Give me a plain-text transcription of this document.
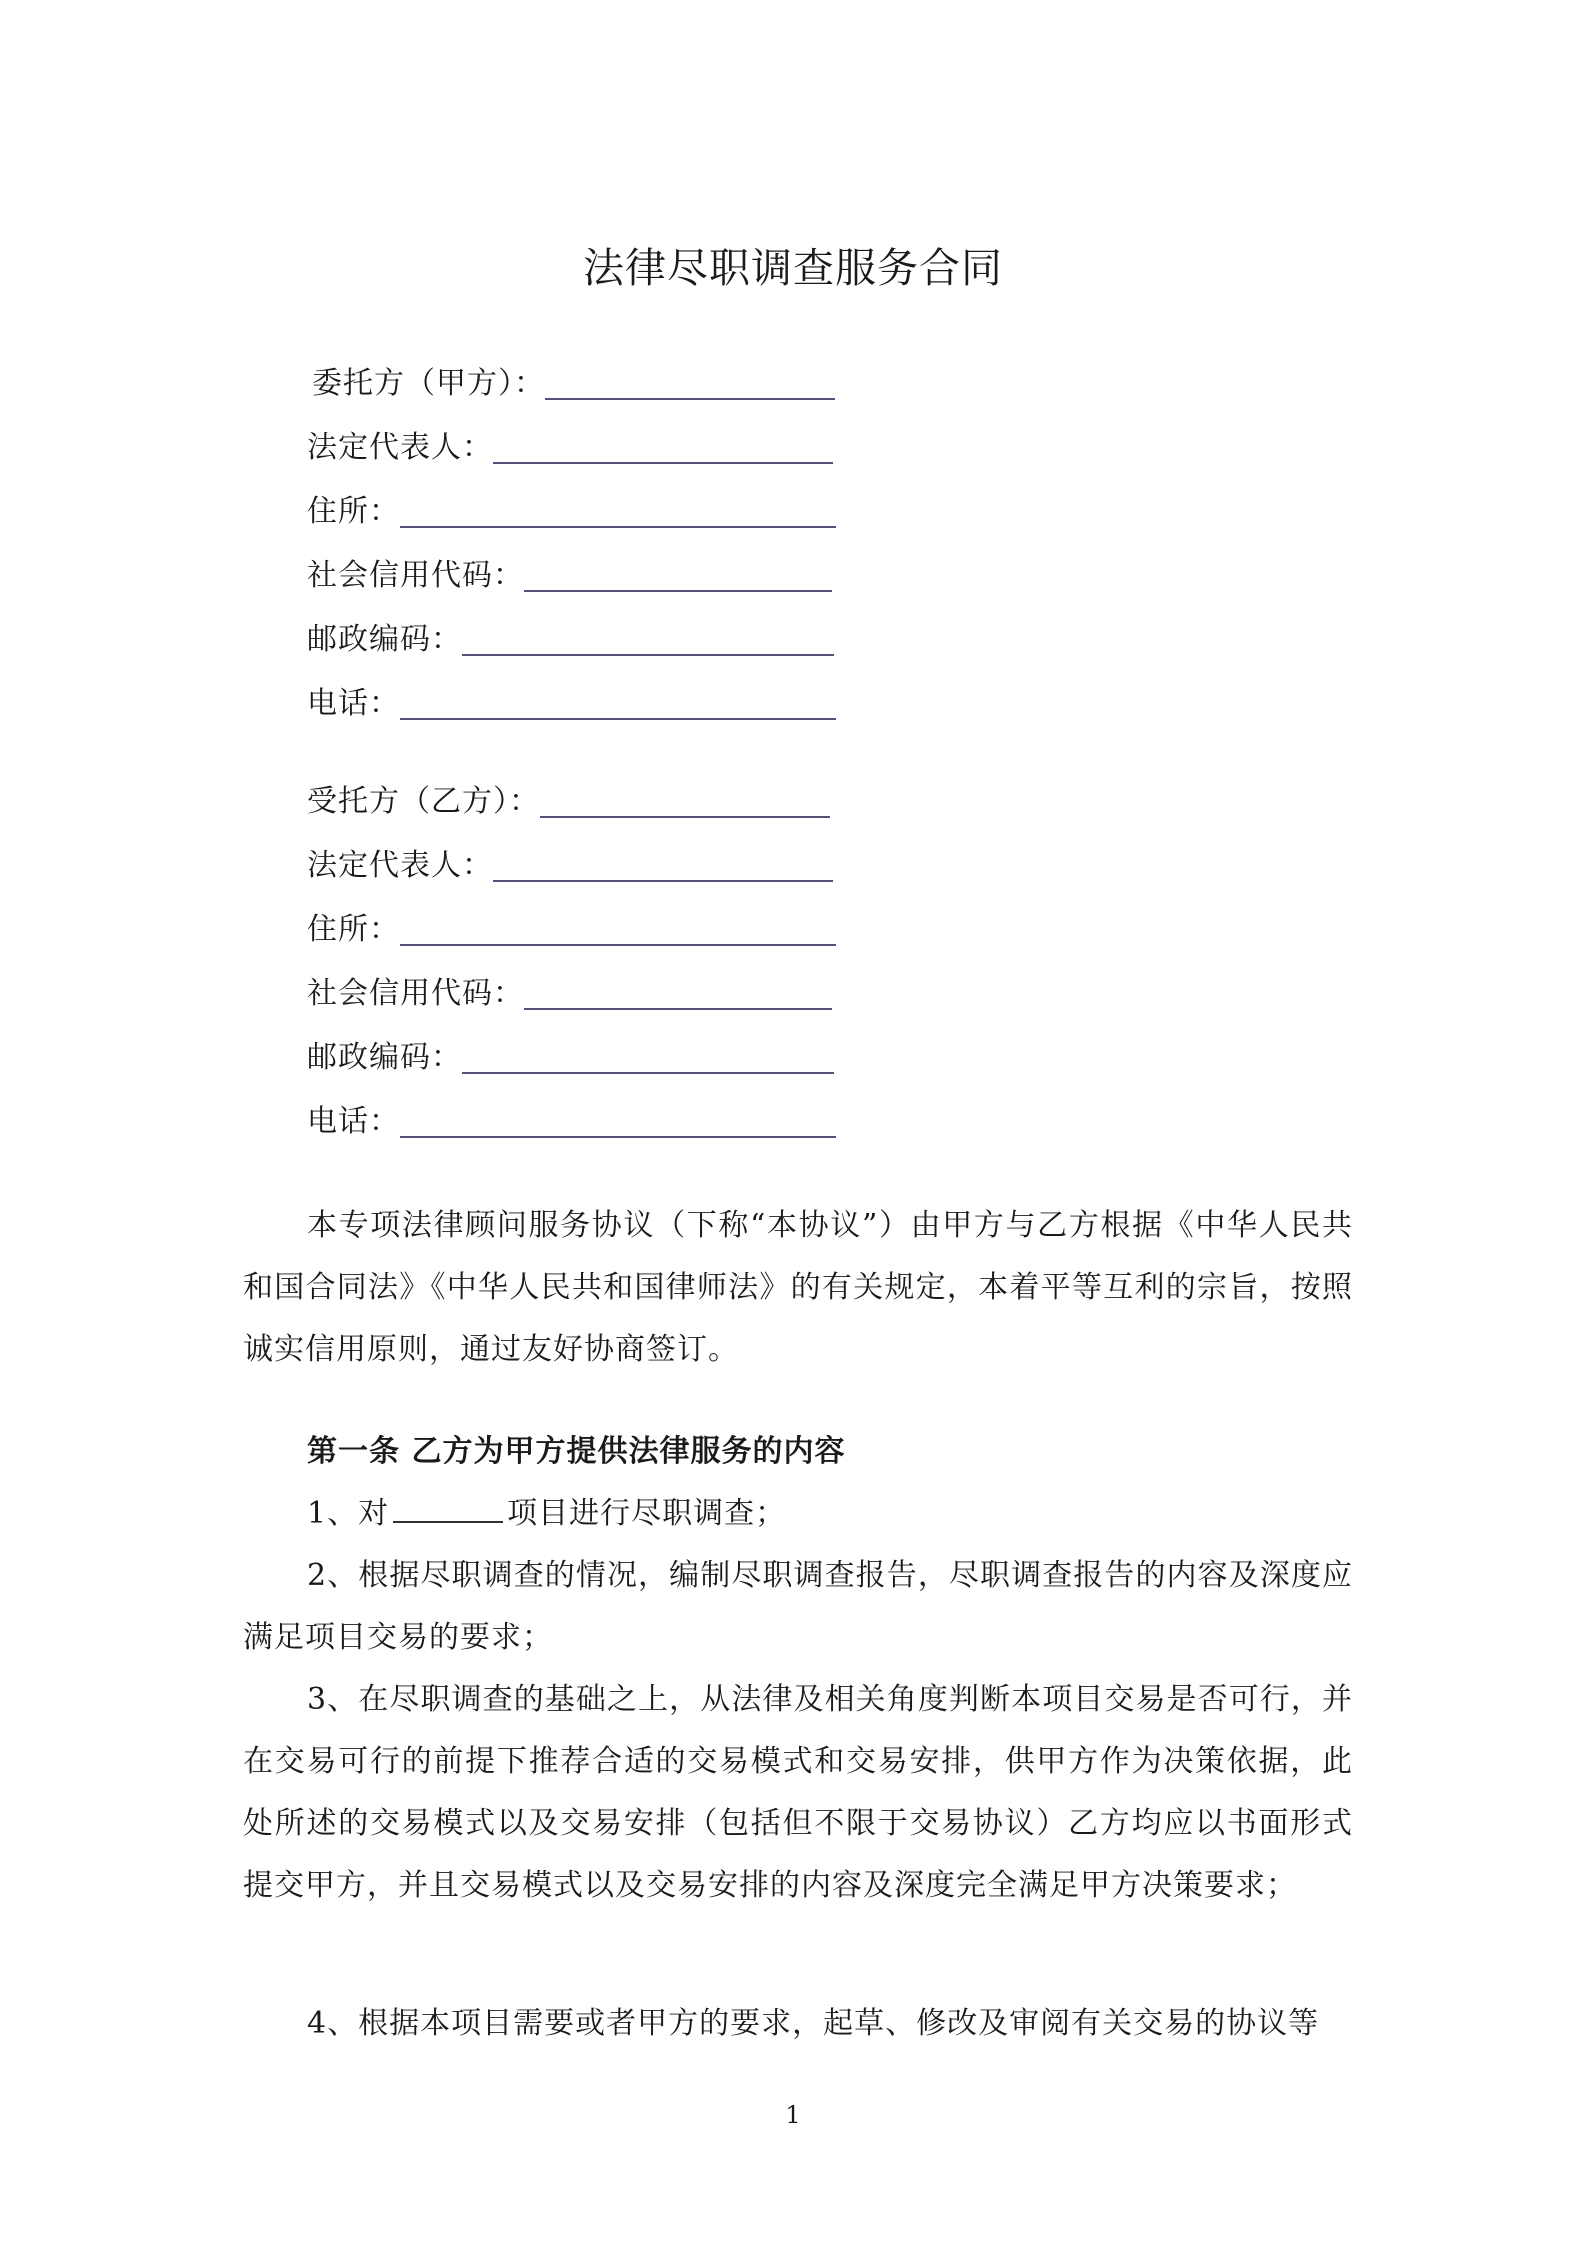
法律尽职调查服务合同
委托方（甲方）：
法定代表人：
住所：
社会信用代码：
邮政编码：
电话：
受托方（乙方）：
法定代表人：
住所：
社会信用代码：
邮政编码：
电话：

本专项法律顾问服务协议（下称“本协议”）由甲方与乙方根据《中华人民共和国合同法》《中华人民共和国律师法》的有关规定，本着平等互利的宗旨，按照诚实信用原则，通过友好协商签订。

第一条 乙方为甲方提供法律服务的内容
1、对	项目进行尽职调查；

2、根据尽职调查的情况，编制尽职调查报告，尽职调查报告的内容及深度应满足项目交易的要求；

3、在尽职调查的基础之上，从法律及相关角度判断本项目交易是否可行，并在交易可行的前提下推荐合适的交易模式和交易安排，供甲方作为决策依据，此处所述的交易模式以及交易安排（包括但不限于交易协议）乙方均应以书面形式提交甲方，并且交易模式以及交易安排的内容及深度完全满足甲方决策要求；

4、根据本项目需要或者甲方的要求，起草、修改及审阅有关交易的协议等

1
